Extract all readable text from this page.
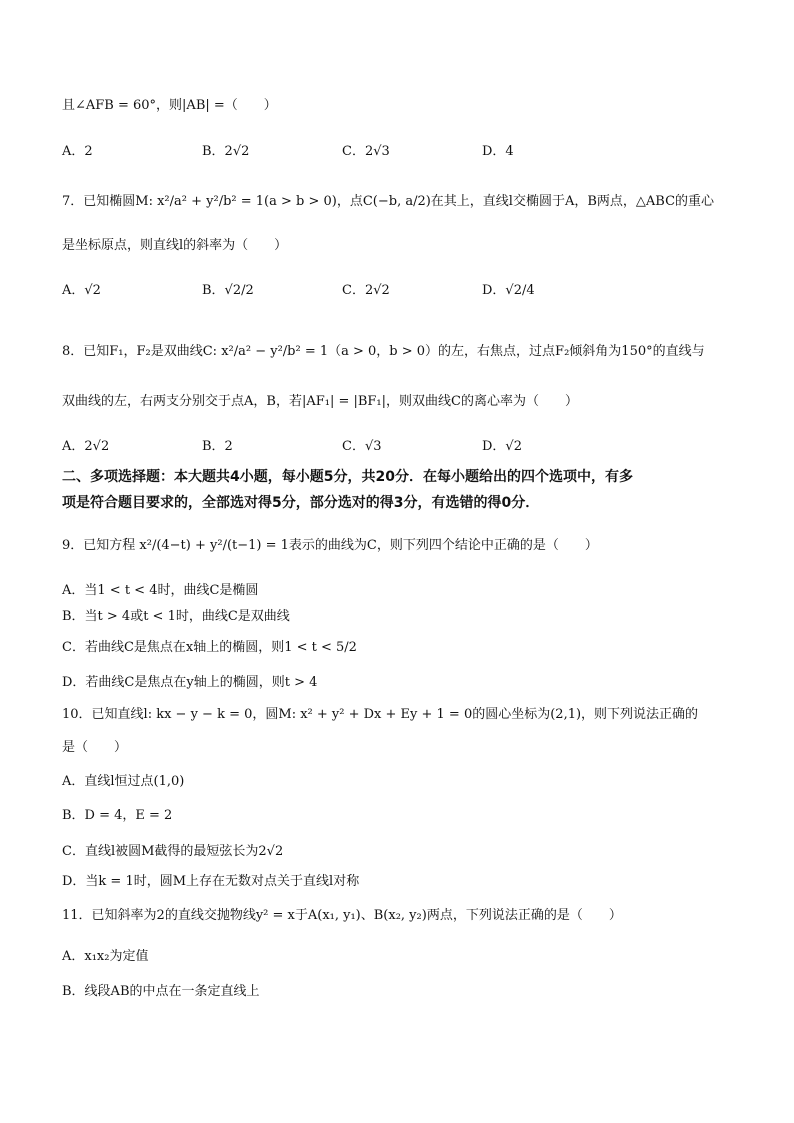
且∠AFB = 60°，则|AB| =（　　）
A．2	B．2√2	C．2√3	D．4
7．已知椭圆M: x²/a² + y²/b² = 1(a > b > 0)，点C(−b, a/2)在其上，直线l交椭圆于A，B两点，△ABC的重心
是坐标原点，则直线l的斜率为（　　）
A．√2	B．√2/2	C．2√2	D．√2/4
8．已知F₁，F₂是双曲线C: x²/a² − y²/b² = 1（a > 0，b > 0）的左，右焦点，过点F₂倾斜角为150°的直线与
双曲线的左，右两支分别交于点A，B，若|AF₁| = |BF₁|，则双曲线C的离心率为（　　）
A．2√2	B．2	C．√3	D．√2
二、多项选择题：本大题共4小题，每小题5分，共20分．在每小题给出的四个选项中，有多
项是符合题目要求的，全部选对得5分，部分选对的得3分，有选错的得0分．
9．已知方程 x²/(4−t) + y²/(t−1) = 1表示的曲线为C，则下列四个结论中正确的是（　　）
A．当1 < t < 4时，曲线C是椭圆
B．当t > 4或t < 1时，曲线C是双曲线
C．若曲线C是焦点在x轴上的椭圆，则1 < t < 5/2
D．若曲线C是焦点在y轴上的椭圆，则t > 4
10．已知直线l: kx − y − k = 0，圆M: x² + y² + Dx + Ey + 1 = 0的圆心坐标为(2,1)，则下列说法正确的
是（　　）
A．直线l恒过点(1,0)
B．D = 4，E = 2
C．直线l被圆M截得的最短弦长为2√2
D．当k = 1时，圆M上存在无数对点关于直线l对称
11．已知斜率为2的直线交抛物线y² = x于A(x₁, y₁)、B(x₂, y₂)两点，下列说法正确的是（　　）
A．x₁x₂为定值
B．线段AB的中点在一条定直线上
